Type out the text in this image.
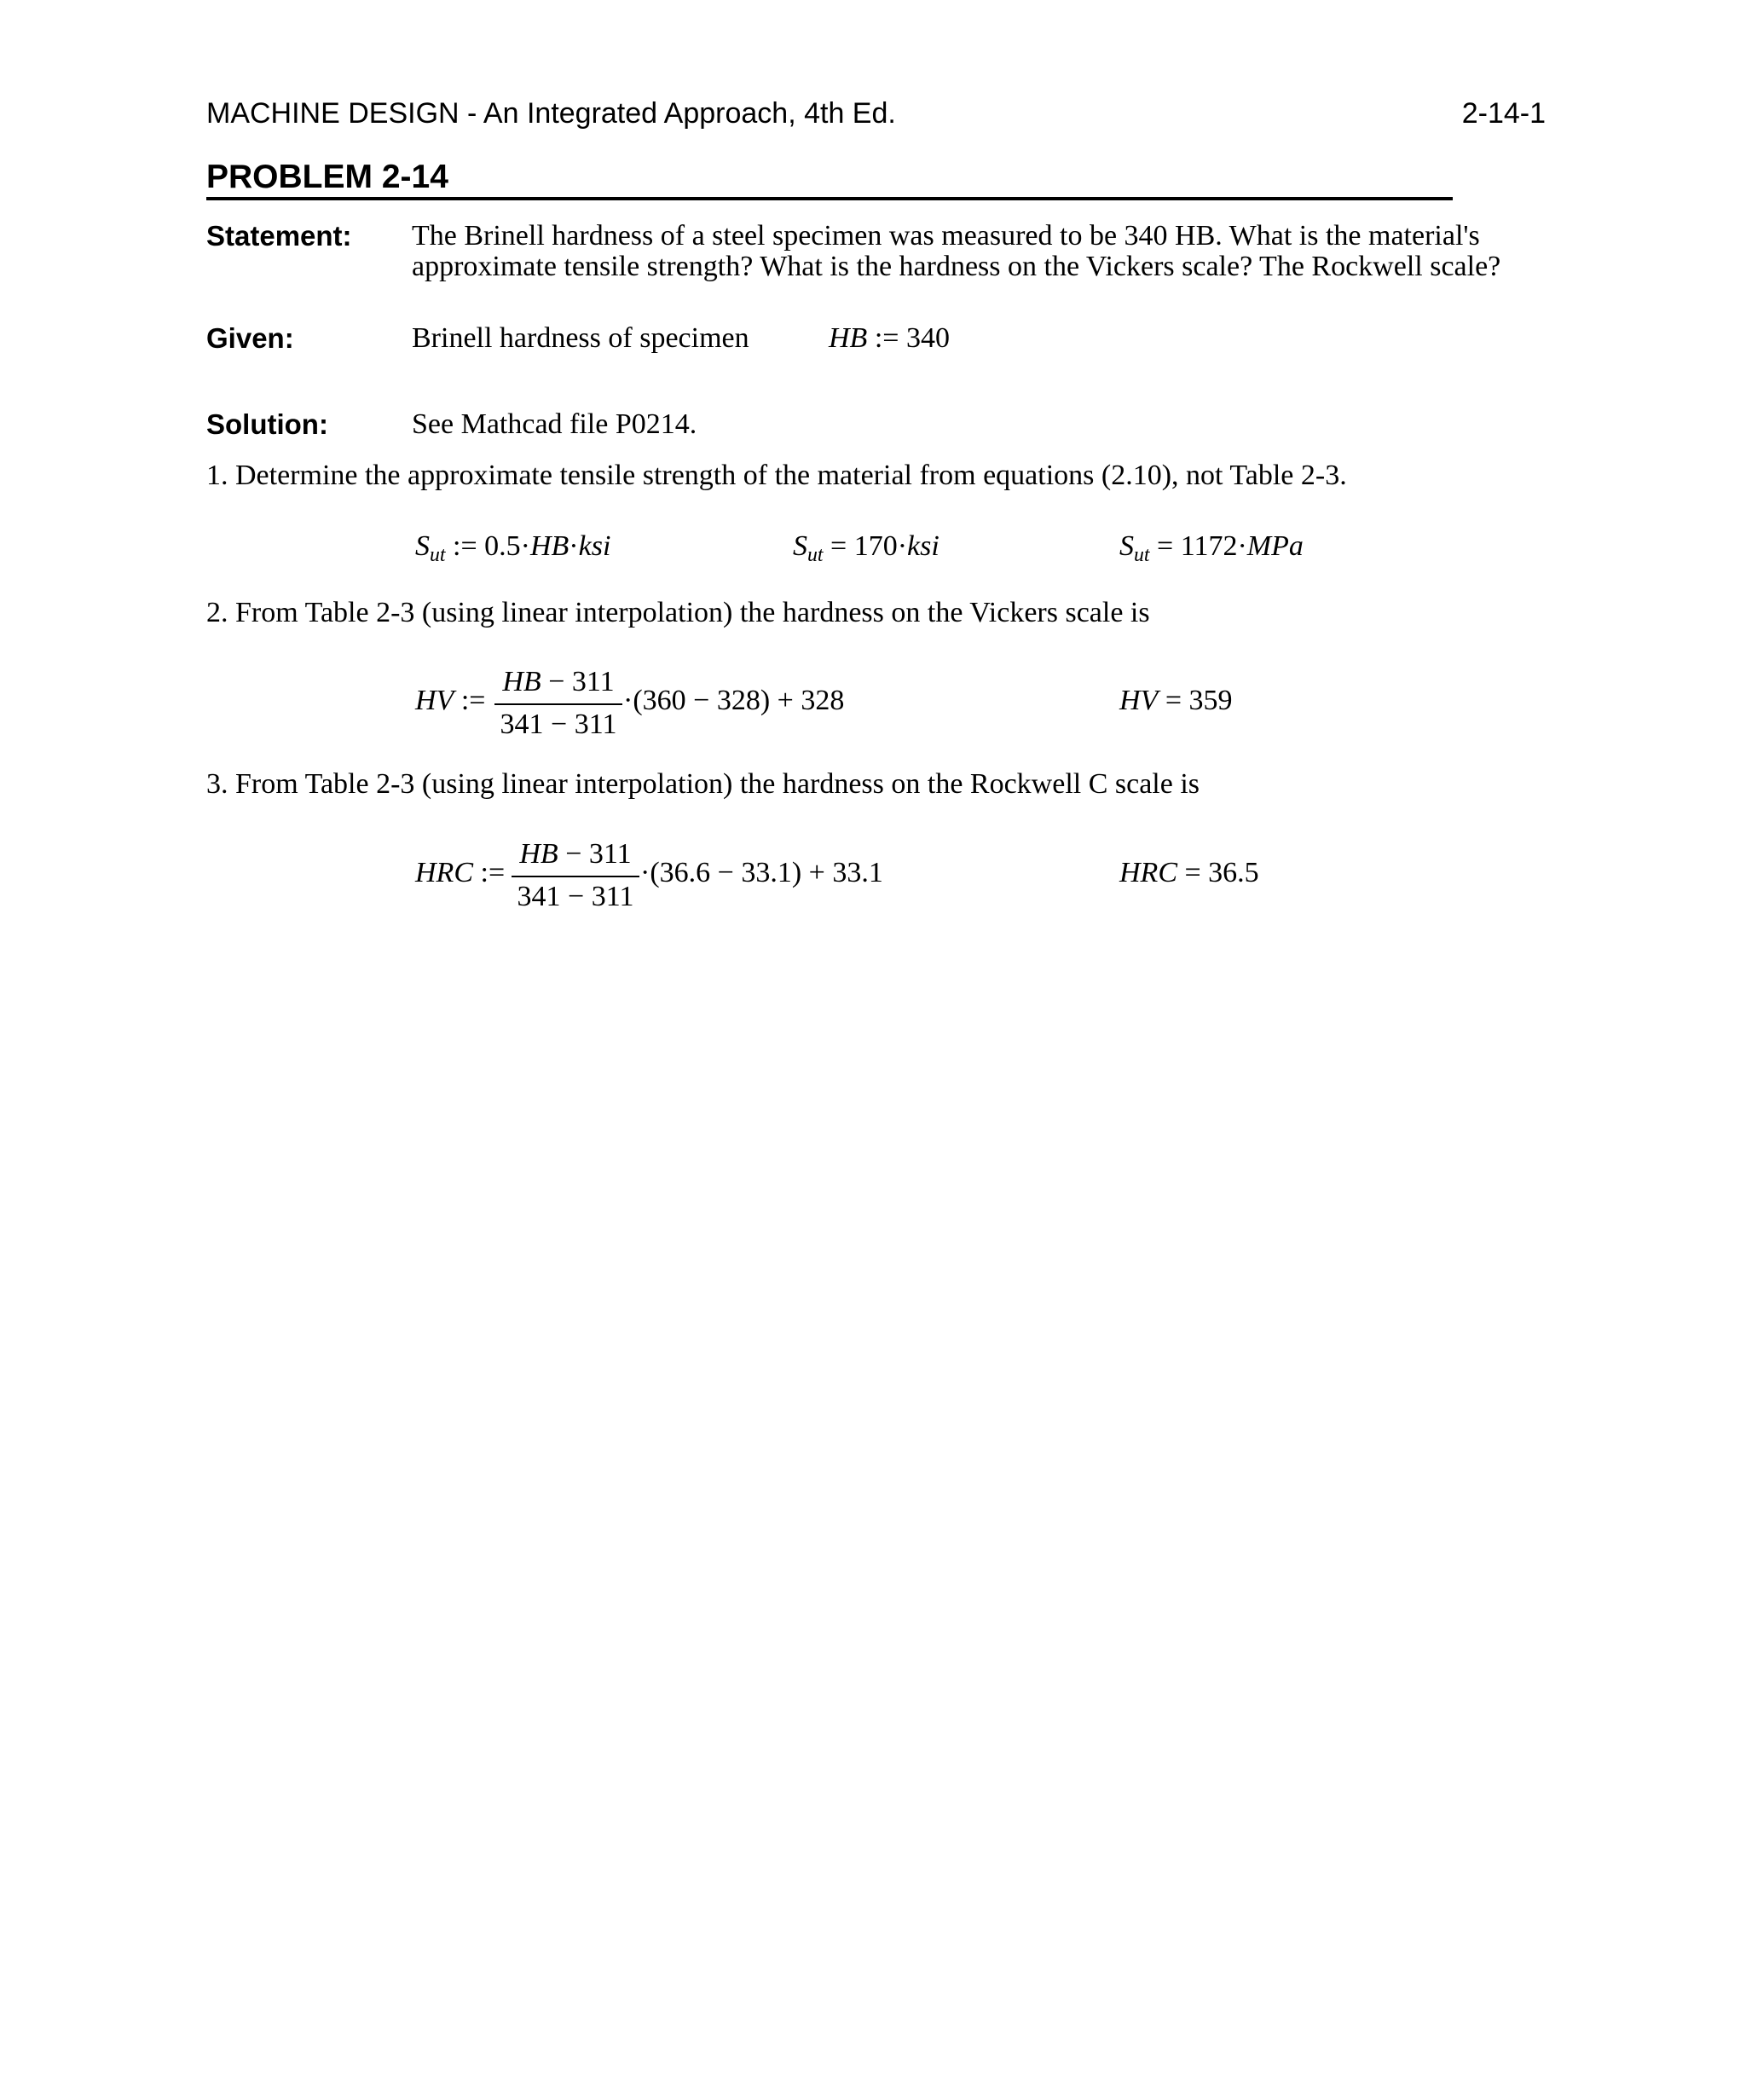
MACHINE DESIGN - An Integrated Approach, 4th Ed.	2-14-1
PROBLEM 2-14
Statement: The Brinell hardness of a steel specimen was measured to be 340 HB. What is the material's
approximate tensile strength? What is the hardness on the Vickers scale? The Rockwell scale?
Given:	Brinell hardness of specimen	HB := 340
Solution:	See Mathcad file P0214.
1. Determine the approximate tensile strength of the material from equations (2.10), not Table 2-3.
$S_{ut}$ := 0.5·HB·ksi	$S_{ut} = 170\cdot ksi$	$S_{ut} = 1172\cdot MPa$
2. From Table 2-3 (using linear interpolation) the hardness on the Vickers scale is
HV :=
HB − 311
341 − 311
·(360 − 328) + 328	HV = 359
3. From Table 2-3 (using linear interpolation) the hardness on the Rockwell C scale is
HRC :=
HB − 311
341 − 311
·(36.6 − 33.1) + 33.1	HRC = 36.5
